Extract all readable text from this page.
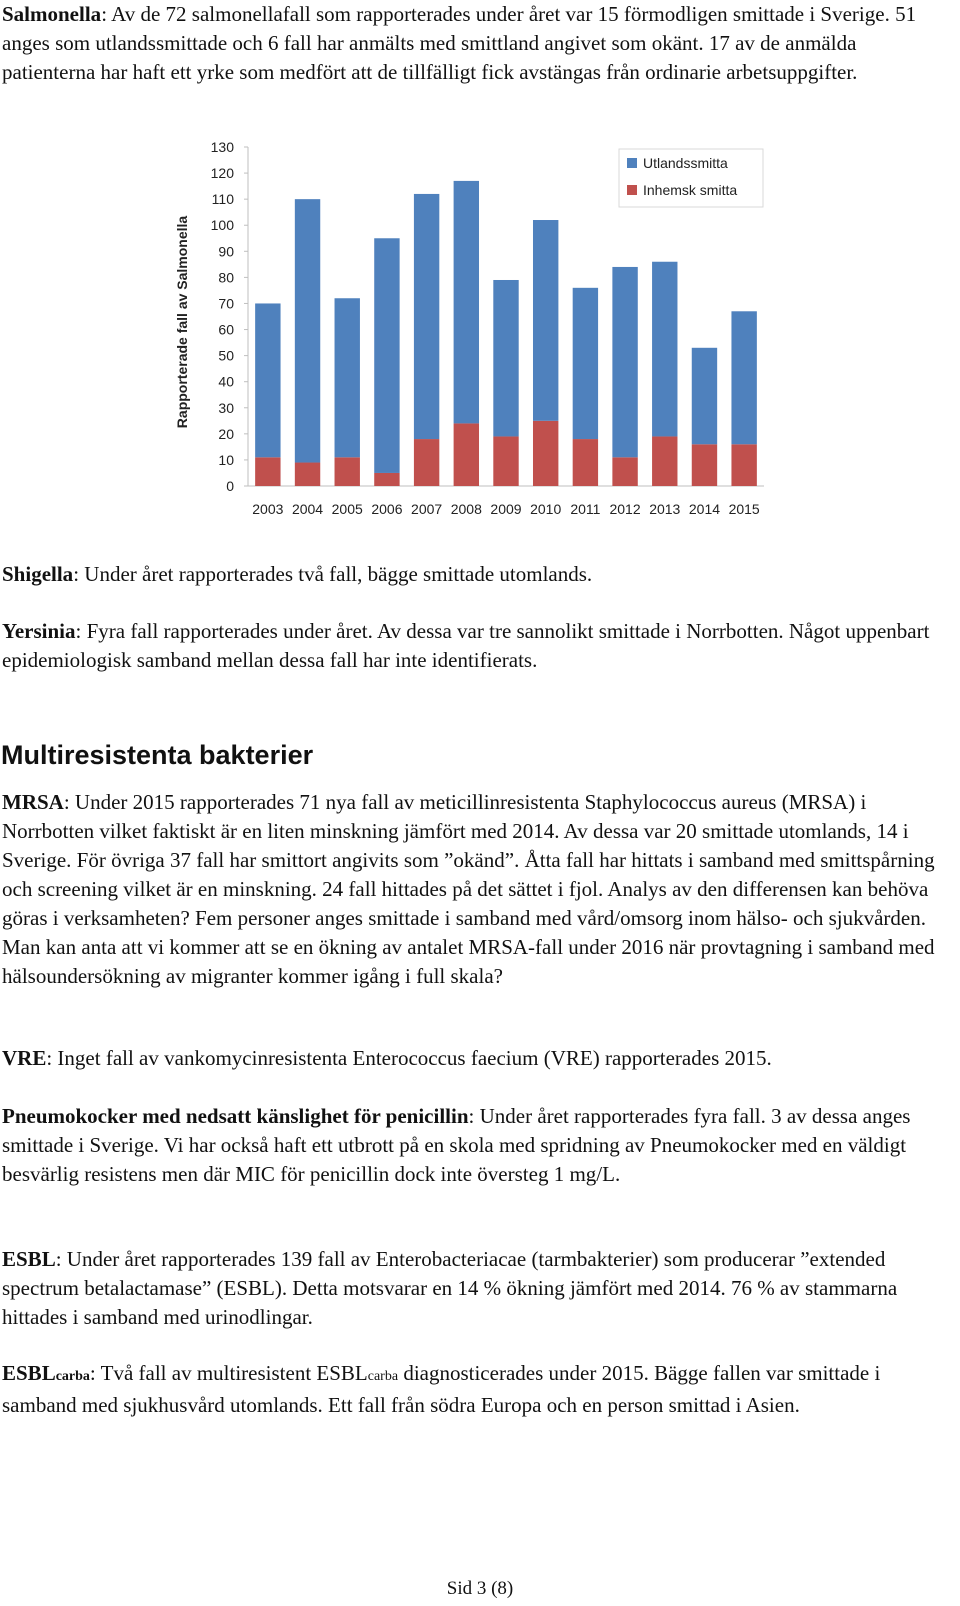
Salmonella: Av de 72 salmonellafall som rapporterades under året var 15 förmodligen smittade i Sverige. 51 anges som utlandssmittade och 6 fall har anmälts med smittland angivet som okänt. 17 av de anmälda patienterna har haft ett yrke som medfört att de tillfälligt fick avstängas från ordinarie arbetsuppgifter.

0
10
20
30
40
50
60
70
80
90
100
110
120
130
2003 2004 2005 2006 2007 2008 2009 2010 2011 2012 2013 2014 2015
Rapporterade fall av Salmonella
Utlandssmitta
Inhemsk smitta

Shigella: Under året rapporterades två fall, bägge smittade utomlands.

Yersinia: Fyra fall rapporterades under året. Av dessa var tre sannolikt smittade i Norrbotten. Något uppenbart epidemiologisk samband mellan dessa fall har inte identifierats.

Multiresistenta bakterier

MRSA: Under 2015 rapporterades 71 nya fall av meticillinresistenta Staphylococcus aureus (MRSA) i Norrbotten vilket faktiskt är en liten minskning jämfört med 2014. Av dessa var 20 smittade utomlands, 14 i Sverige. För övriga 37 fall har smittort angivits som ”okänd”. Åtta fall har hittats i samband med smittspårning och screening vilket är en minskning. 24 fall hittades på det sättet i fjol. Analys av den differensen kan behöva göras i verksamheten? Fem personer anges smittade i samband med vård/omsorg inom hälso- och sjukvården. Man kan anta att vi kommer att se en ökning av antalet MRSA-fall under 2016 när provtagning i samband med hälsoundersökning av migranter kommer igång i full skala?

VRE: Inget fall av vankomycinresistenta Enterococcus faecium (VRE) rapporterades 2015.

Pneumokocker med nedsatt känslighet för penicillin: Under året rapporterades fyra fall. 3 av dessa anges smittade i Sverige. Vi har också haft ett utbrott på en skola med spridning av Pneumokocker med en väldigt besvärlig resistens men där MIC för penicillin dock inte översteg 1 mg/L.

ESBL: Under året rapporterades 139 fall av Enterobacteriacae (tarmbakterier) som producerar ”extended spectrum betalactamase” (ESBL). Detta motsvarar en 14 % ökning jämfört med 2014. 76 % av stammarna hittades i samband med urinodlingar.

ESBLcarba: Två fall av multiresistent ESBLcarba diagnosticerades under 2015. Bägge fallen var smittade i samband med sjukhusvård utomlands. Ett fall från södra Europa och en person smittad i Asien.

Sid 3 (8)
